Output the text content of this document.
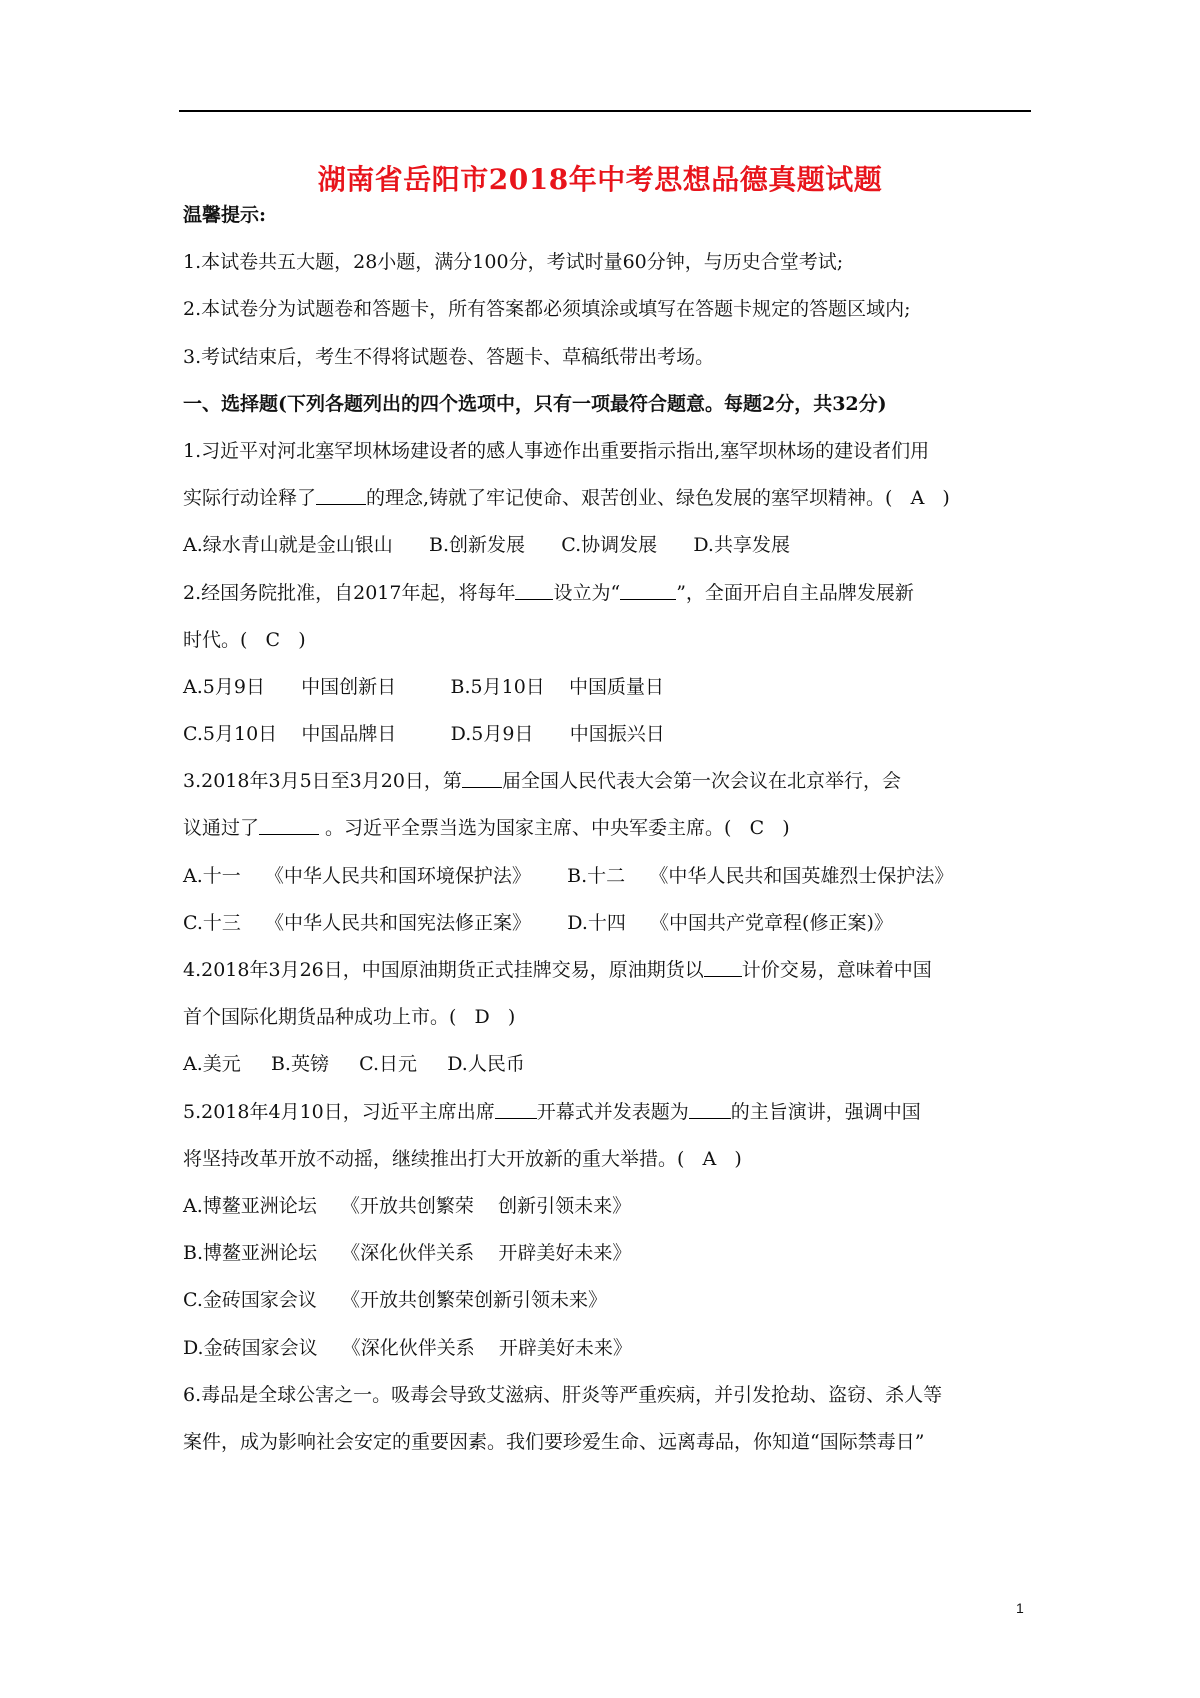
湖南省岳阳市2018年中考思想品德真题试题
温馨提示:
1.本试卷共五大题，28小题，满分100分，考试时量60分钟，与历史合堂考试;
2.本试卷分为试题卷和答题卡，所有答案都必须填涂或填写在答题卡规定的答题区域内;
3.考试结束后，考生不得将试题卷、答题卡、草稿纸带出考场。
一、选择题(下列各题列出的四个选项中，只有一项最符合题意。每题2分，共32分)
1.习近平对河北塞罕坝林场建设者的感人事迹作出重要指示指出,塞罕坝林场的建设者们用
实际行动诠释了	的理念,铸就了牢记使命、艰苦创业、绿色发展的塞罕坝精神。(   A   )
A.绿水青山就是金山银山      B.创新发展      C.协调发展      D.共享发展
2.经国务院批准，自2017年起，将每年 设立为“	”，全面开启自主品牌发展新
时代。(   C   )
A.5月9日      中国创新日         B.5月10日    中国质量日
C.5月10日    中国品牌日         D.5月9日      中国振兴日
3.2018年3月5日至3月20日，第 届全国人民代表大会第一次会议在北京举行，会
议通过了	。习近平全票当选为国家主席、中央军委主席。(   C   )
A.十一    《中华人民共和国环境保护法》      B.十二    《中华人民共和国英雄烈士保护法》
C.十三    《中华人民共和国宪法修正案》      D.十四    《中国共产党章程(修正案)》
4.2018年3月26日，中国原油期货正式挂牌交易，原油期货以 计价交易，意味着中国
首个国际化期货品种成功上市。(   D   )
A.美元     B.英镑     C.日元     D.人民币
5.2018年4月10日，习近平主席出席 开幕式并发表题为 的主旨演讲，强调中国
将坚持改革开放不动摇，继续推出打大开放新的重大举措。(   A   )
A.博鳌亚洲论坛    《开放共创繁荣    创新引领未来》
B.博鳌亚洲论坛    《深化伙伴关系    开辟美好未来》
C.金砖国家会议    《开放共创繁荣创新引领未来》
D.金砖国家会议    《深化伙伴关系    开辟美好未来》
6.毒品是全球公害之一。吸毒会导致艾滋病、肝炎等严重疾病，并引发抢劫、盗窃、杀人等
案件，成为影响社会安定的重要因素。我们要珍爱生命、远离毒品，你知道“国际禁毒日”
1
